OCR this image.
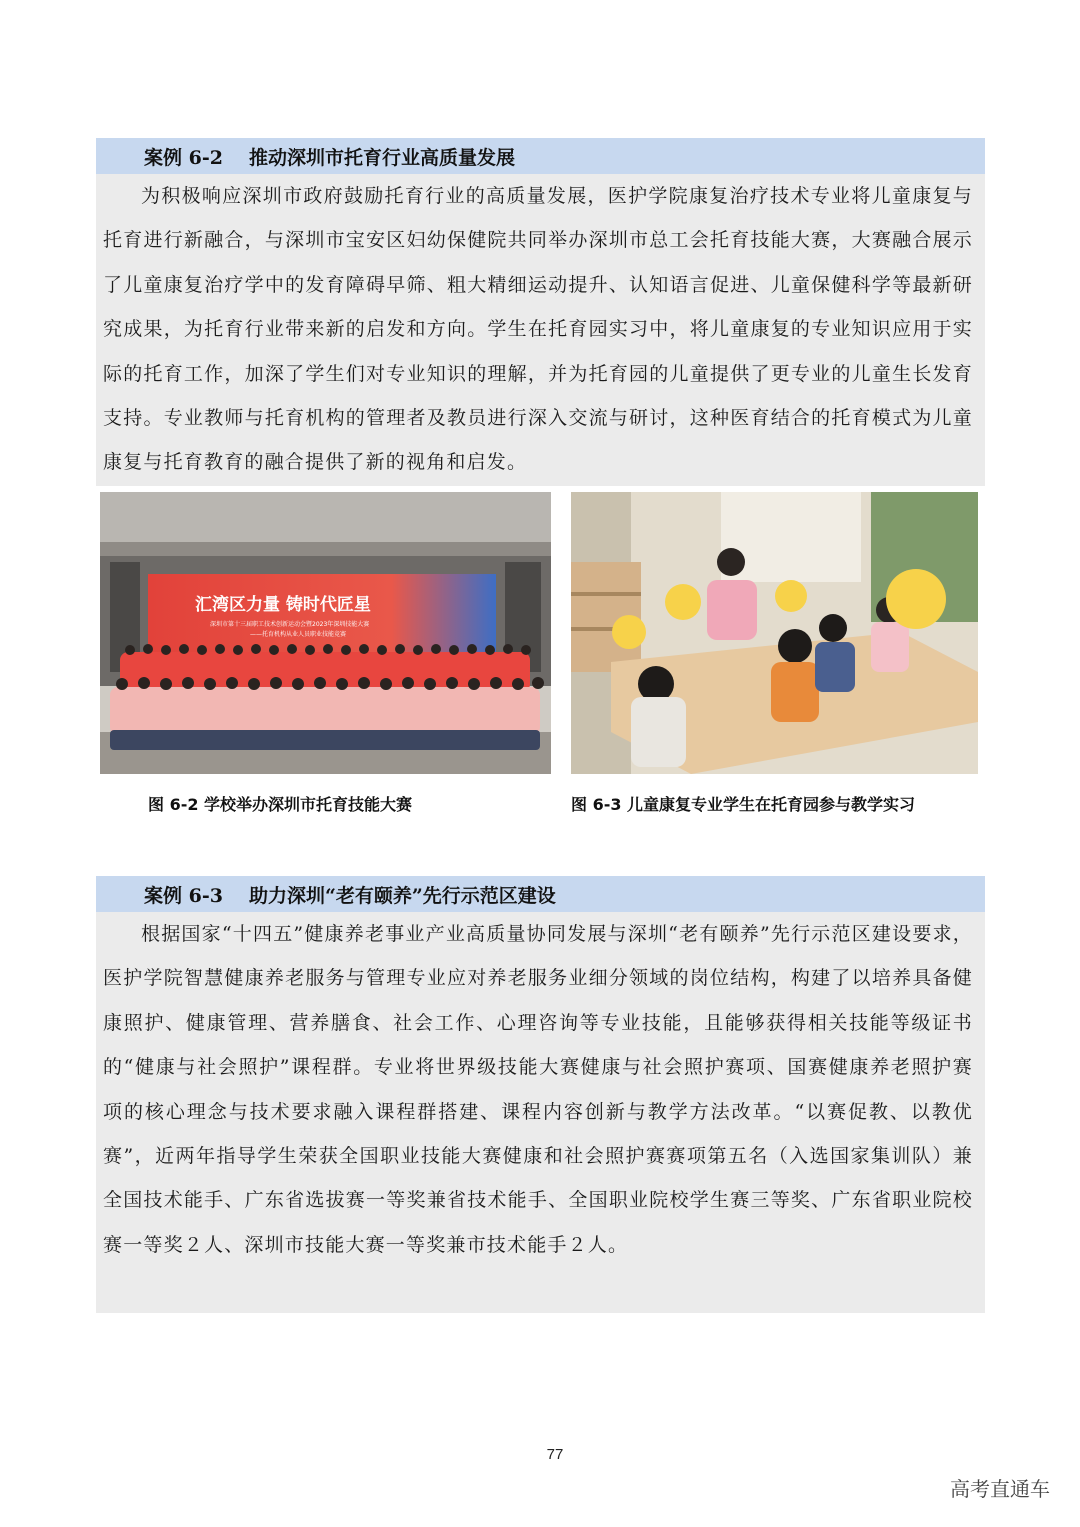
案例 6-2 推动深圳市托育行业高质量发展

为积极响应深圳市政府鼓励托育行业的高质量发展，医护学院康复治疗技术专业将儿童康复与托育进行新融合，与深圳市宝安区妇幼保健院共同举办深圳市总工会托育技能大赛，大赛融合展示了儿童康复治疗学中的发育障碍早筛、粗大精细运动提升、认知语言促进、儿童保健科学等最新研究成果，为托育行业带来新的启发和方向。学生在托育园实习中，将儿童康复的专业知识应用于实际的托育工作，加深了学生们对专业知识的理解，并为托育园的儿童提供了更专业的儿童生长发育支持。专业教师与托育机构的管理者及教员进行深入交流与研讨，这种医育结合的托育模式为儿童康复与托育教育的融合提供了新的视角和启发。

汇湾区力量 铸时代匠星
深圳市第十三届职工技术创新运动会暨2023年深圳技能大赛
——托育机构从业人员职业技能竞赛
图 6-2 学校举办深圳市托育技能大赛	图 6-3 儿童康复专业学生在托育园参与教学实习
案例 6-3 助力深圳“老有颐养”先行示范区建设

根据国家“十四五”健康养老事业产业高质量协同发展与深圳“老有颐养”先行示范区建设要求，医护学院智慧健康养老服务与管理专业应对养老服务业细分领域的岗位结构，构建了以培养具备健康照护、健康管理、营养膳食、社会工作、心理咨询等专业技能，且能够获得相关技能等级证书的“健康与社会照护”课程群。专业将世界级技能大赛健康与社会照护赛项、国赛健康养老照护赛项的核心理念与技术要求融入课程群搭建、课程内容创新与教学方法改革。“以赛促教、以教优赛”，近两年指导学生荣获全国职业技能大赛健康和社会照护赛赛项第五名（入选国家集训队）兼全国技术能手、广东省选拔赛一等奖兼省技术能手、全国职业院校学生赛三等奖、广东省职业院校赛一等奖２人、深圳市技能大赛一等奖兼市技术能手２人。

77
高考直通车
